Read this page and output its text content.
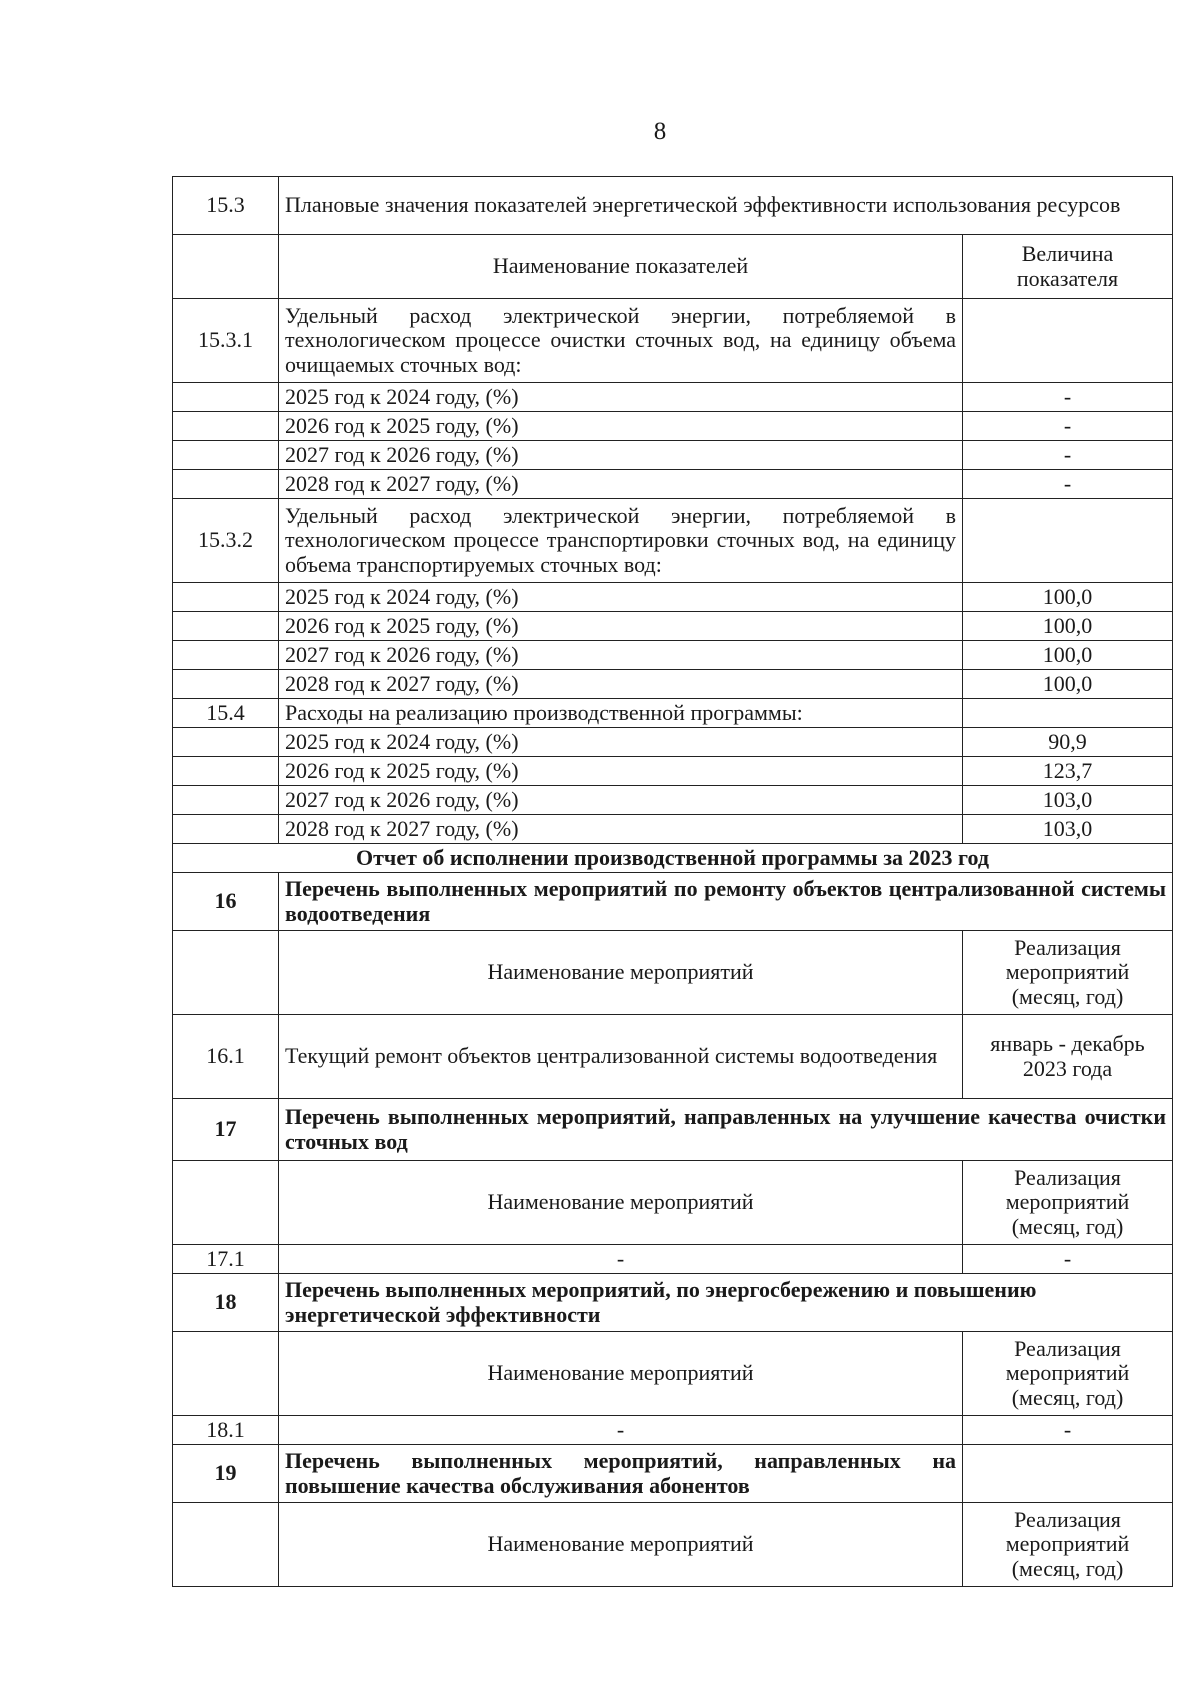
8
15.3	Плановые значения показателей энергетической эффективности использования ресурсов	
	Наименование показателей	Величина показателя
15.3.1	Удельный расход электрической энергии, потребляемой в технологическом процессе очистки сточных вод, на единицу объема очищаемых сточных вод:	
	2025 год к 2024 году, (%)	-
	2026 год к 2025 году, (%)	-
	2027 год к 2026 году, (%)	-
	2028 год к 2027 году, (%)	-
15.3.2	Удельный расход электрической энергии, потребляемой в технологическом процессе транспортировки сточных вод, на единицу объема транспортируемых сточных вод:	
	2025 год к 2024 году, (%)	100,0
	2026 год к 2025 году, (%)	100,0
	2027 год к 2026 году, (%)	100,0
	2028 год к 2027 году, (%)	100,0
15.4	Расходы на реализацию производственной программы:	
	2025 год к 2024 году, (%)	90,9
	2026 год к 2025 году, (%)	123,7
	2027 год к 2026 году, (%)	103,0
	2028 год к 2027 году, (%)	103,0
Отчет об исполнении производственной программы за 2023 год		
16	Перечень выполненных мероприятий по ремонту объектов централизованной системы водоотведения	
	Наименование мероприятий	Реализация мероприятий (месяц, год)
16.1	Текущий ремонт объектов централизованной системы водоотведения	январь - декабрь 2023 года
17	Перечень выполненных мероприятий, направленных на улучшение качества очистки сточных вод	
	Наименование мероприятий	Реализация мероприятий (месяц, год)
17.1	-	-
18	Перечень выполненных мероприятий, по энергосбережению и повышению энергетической эффективности	
	Наименование мероприятий	Реализация мероприятий (месяц, год)
18.1	-	-
19	Перечень выполненных мероприятий, направленных на повышение качества обслуживания абонентов	
	Наименование мероприятий	Реализация мероприятий (месяц, год)
